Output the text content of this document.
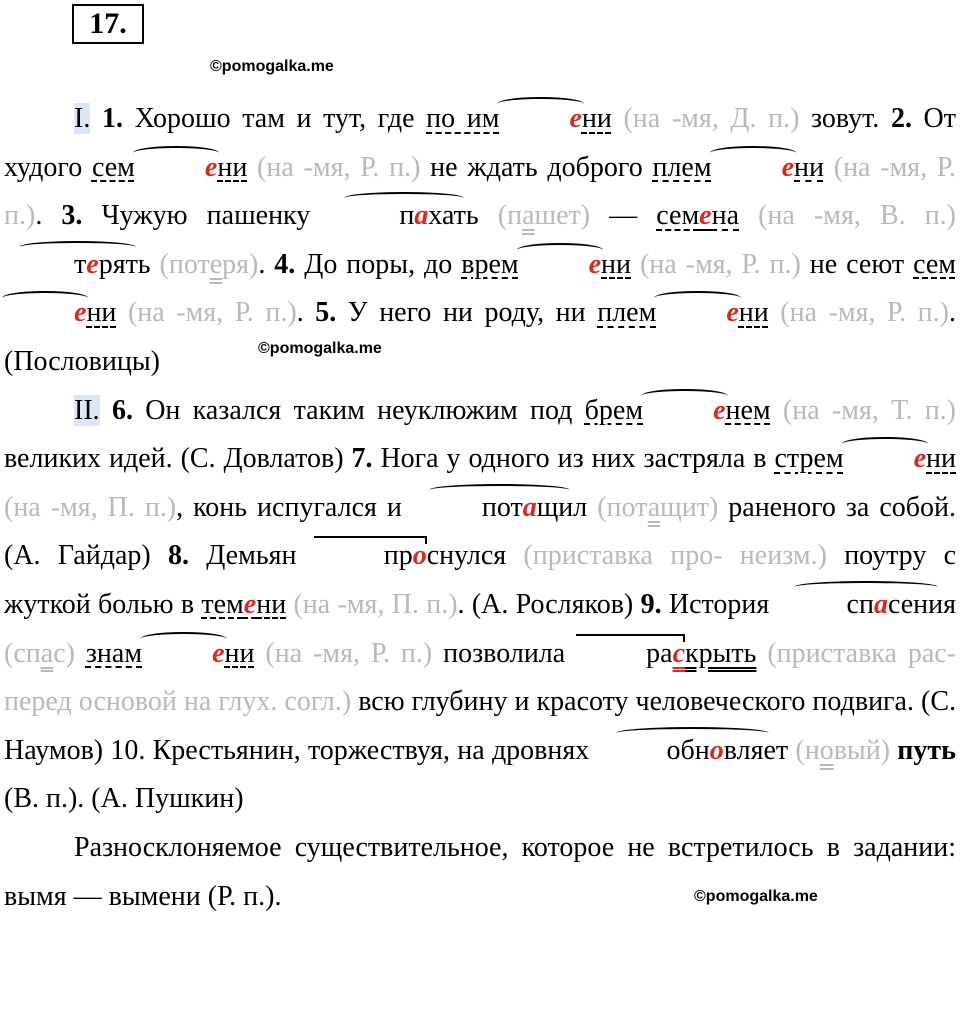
17.
©pomogalka.me
©pomogalka.me
©pomogalka.me

I. 1. Хорошо там и тут, где по им	ени (на -мя, Д. п.) зовут. 2. От худого сем	ени (на -мя, Р. п.) не ждать доброго плем	ени (на -мя, Р. п.). 3. Чужую пашенку	пахать (пашет) — семена (на -мя, В. п.) терять (потеря). 4. До поры, до врем	ени (на -мя, Р. п.) не сеют семени (на -мя, Р. п.). 5. У него ни роду, ни плем	ени (на -мя, Р. п.). (Пословицы)

II. 6. Он казался таким неуклюжим под брем	енем (на -мя, Т. п.) великих идей. (С. Довлатов) 7. Нога у одного из них застряла в стрем	ени (на -мя, П. п.), конь испугался и	потащил (потащит) раненого за собой. (А. Гайдар) 8. Демьян	проснулся (приставка про- неизм.) поутру с жуткой болью в темени (на -мя, П. п.). (А. Росляков) 9. История	спасения (спас) знам	ени (на -мя, Р. п.) позволила	раскрыть (приставка рас- перед основой на глух. согл.) всю глубину и красоту человеческого подвига. (С. Наумов) 10. Крестьянин, торжествуя, на дровнях	обновляет (новый) путь (В. п.). (А. Пушкин)

Разносклоняемое существительное, которое не встретилось в задании: вымя — вымени (Р. п.).
